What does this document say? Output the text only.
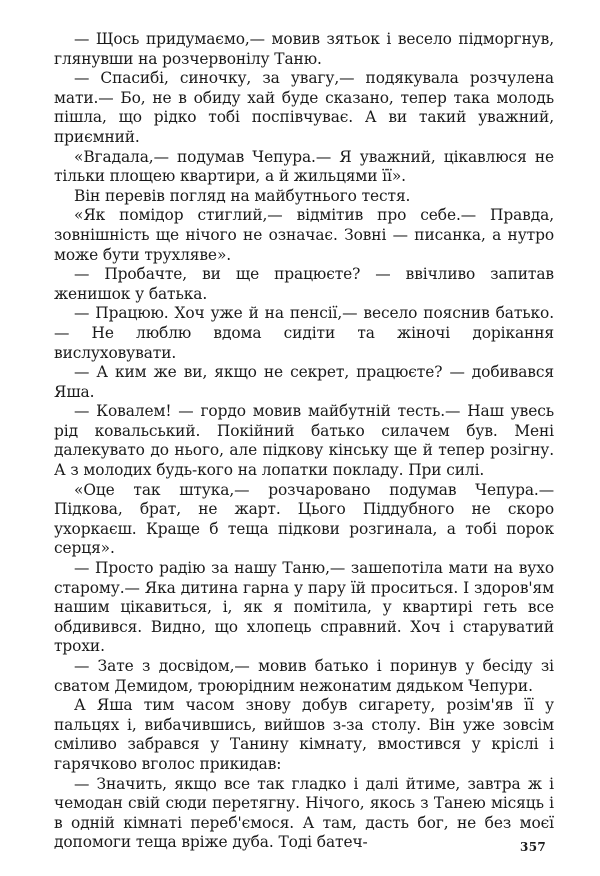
— Щось придумаємо,— мовив зятьок і весело підморгнув, глянувши на розчервонілу Таню.

— Спасибі, синочку, за увагу,— подякувала розчулена мати.— Бо, не в обиду хай буде сказано, тепер така молодь пішла, що рідко тобі поспівчуває. А ви такий уважний, приємний.

«Вгадала,— подумав Чепура.— Я уважний, цікавлюся не тільки площею квартири, а й жильцями її».

Він перевів погляд на майбутнього тестя.

«Як помідор стиглий,— відмітив про себе.— Правда, зовнішність ще нічого не означає. Зовні — писанка, а нутро може бути трухляве».

— Пробачте, ви ще працюєте? — ввічливо запитав женишок у батька.

— Працюю. Хоч уже й на пенсії,— весело пояснив батько.— Не люблю вдома сидіти та жіночі дорікання вислуховувати.

— А ким же ви, якщо не секрет, працюєте? — добивався Яша.

— Ковалем! — гордо мовив майбутній тесть.— Наш увесь рід ковальський. Покійний батько силачем був. Мені далекувато до нього, але підкову кінську ще й тепер розігну. А з молодих будь-кого на лопатки покладу. При силі.

«Оце так штука,— розчаровано подумав Чепура.— Підкова, брат, не жарт. Цього Піддубного не скоро ухоркаєш. Краще б теща підкови розгинала, а тобі порок серця».

— Просто радію за нашу Таню,— зашепотіла мати на вухо старому.— Яка дитина гарна у пару їй проситься. І здоров'ям нашим цікавиться, і, як я помітила, у квартирі геть все обдивився. Видно, що хлопець справний. Хоч і старуватий трохи.

— Зате з досвідом,— мовив батько і поринув у бесіду зі сватом Демидом, троюрідним нежонатим дядьком Чепури.

А Яша тим часом знову добув сигарету, розім'яв її у пальцях і, вибачившись, вийшов з-за столу. Він уже зовсім сміливо забрався у Танину кімнату, вмостився у кріслі і гарячково вголос прикидав:

— Значить, якщо все так гладко і далі йтиме, завтра ж і чемодан свій сюди перетягну. Нічого, якось з Танею місяць і в одній кімнаті переб'ємося. А там, дасть бог, не без моєї допомоги теща вріже дуба. Тоді батеч-	357
